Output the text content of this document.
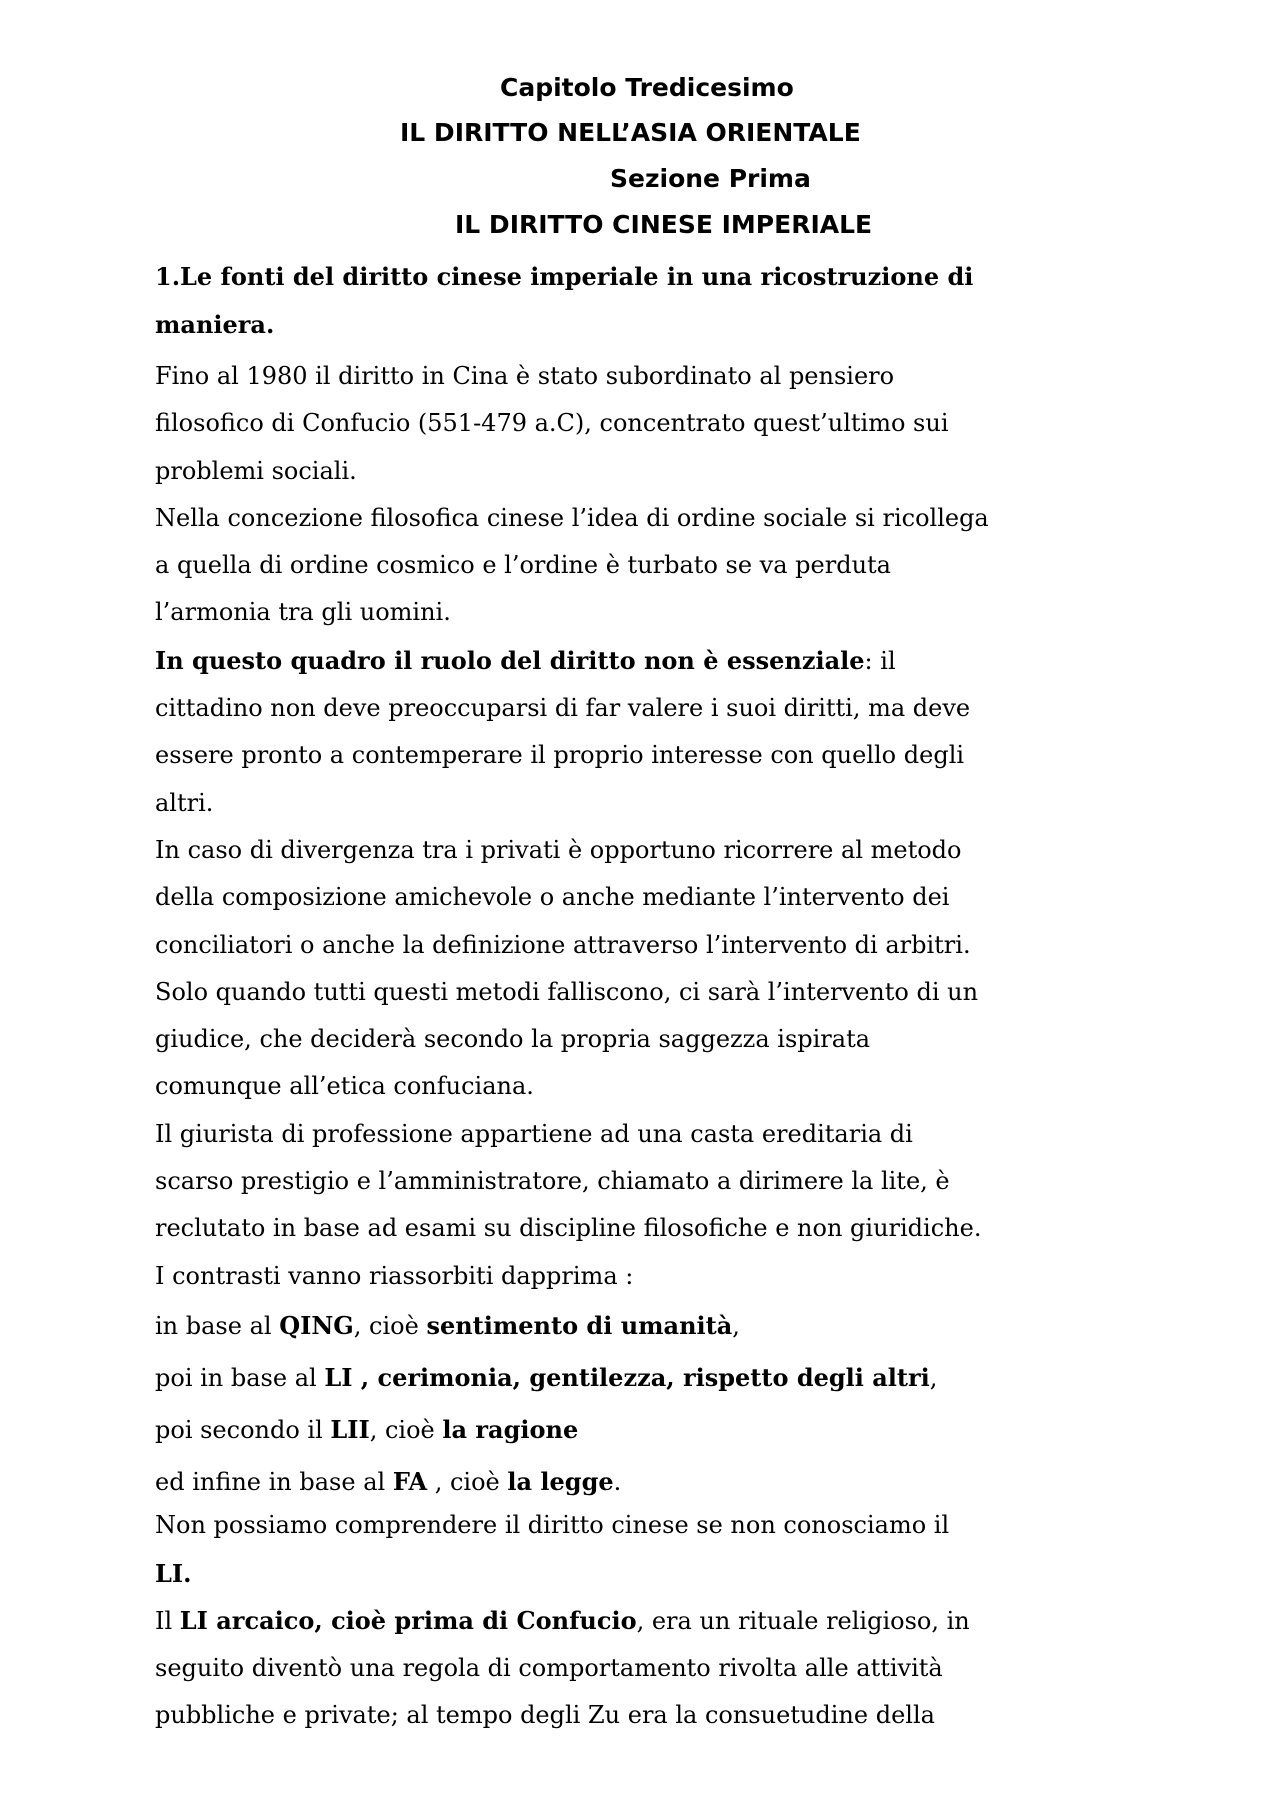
Capitolo Tredicesimo
IL DIRITTO NELL’ASIA ORIENTALE
Sezione Prima
IL DIRITTO CINESE IMPERIALE
1.Le fonti del diritto cinese imperiale in una ricostruzione di
maniera.
Fino al 1980 il diritto in Cina è stato subordinato al pensiero
filosofico di Confucio (551-479 a.C), concentrato quest’ultimo sui
problemi sociali.
Nella concezione filosofica cinese l’idea di ordine sociale si ricollega
a quella di ordine cosmico e l’ordine è turbato se va perduta
l’armonia tra gli uomini.
In questo quadro il ruolo del diritto non è essenziale: il
cittadino non deve preoccuparsi di far valere i suoi diritti, ma deve
essere pronto a contemperare il proprio interesse con quello degli
altri.
In caso di divergenza tra i privati è opportuno ricorrere al metodo
della composizione amichevole o anche mediante l’intervento dei
conciliatori o anche la definizione attraverso l’intervento di arbitri.
Solo quando tutti questi metodi falliscono, ci sarà l’intervento di un
giudice, che deciderà secondo la propria saggezza ispirata
comunque all’etica confuciana.
Il giurista di professione appartiene ad una casta ereditaria di
scarso prestigio e l’amministratore, chiamato a dirimere la lite, è
reclutato in base ad esami su discipline filosofiche e non giuridiche.
I contrasti vanno riassorbiti dapprima :
in base al QING, cioè sentimento di umanità,
poi in base al LI , cerimonia, gentilezza, rispetto degli altri,
poi secondo il LII, cioè la ragione
ed infine in base al FA , cioè la legge.
Non possiamo comprendere il diritto cinese se non conosciamo il
LI.
Il LI arcaico, cioè prima di Confucio, era un rituale religioso, in
seguito diventò una regola di comportamento rivolta alle attività
pubbliche e private; al tempo degli Zu era la consuetudine della
